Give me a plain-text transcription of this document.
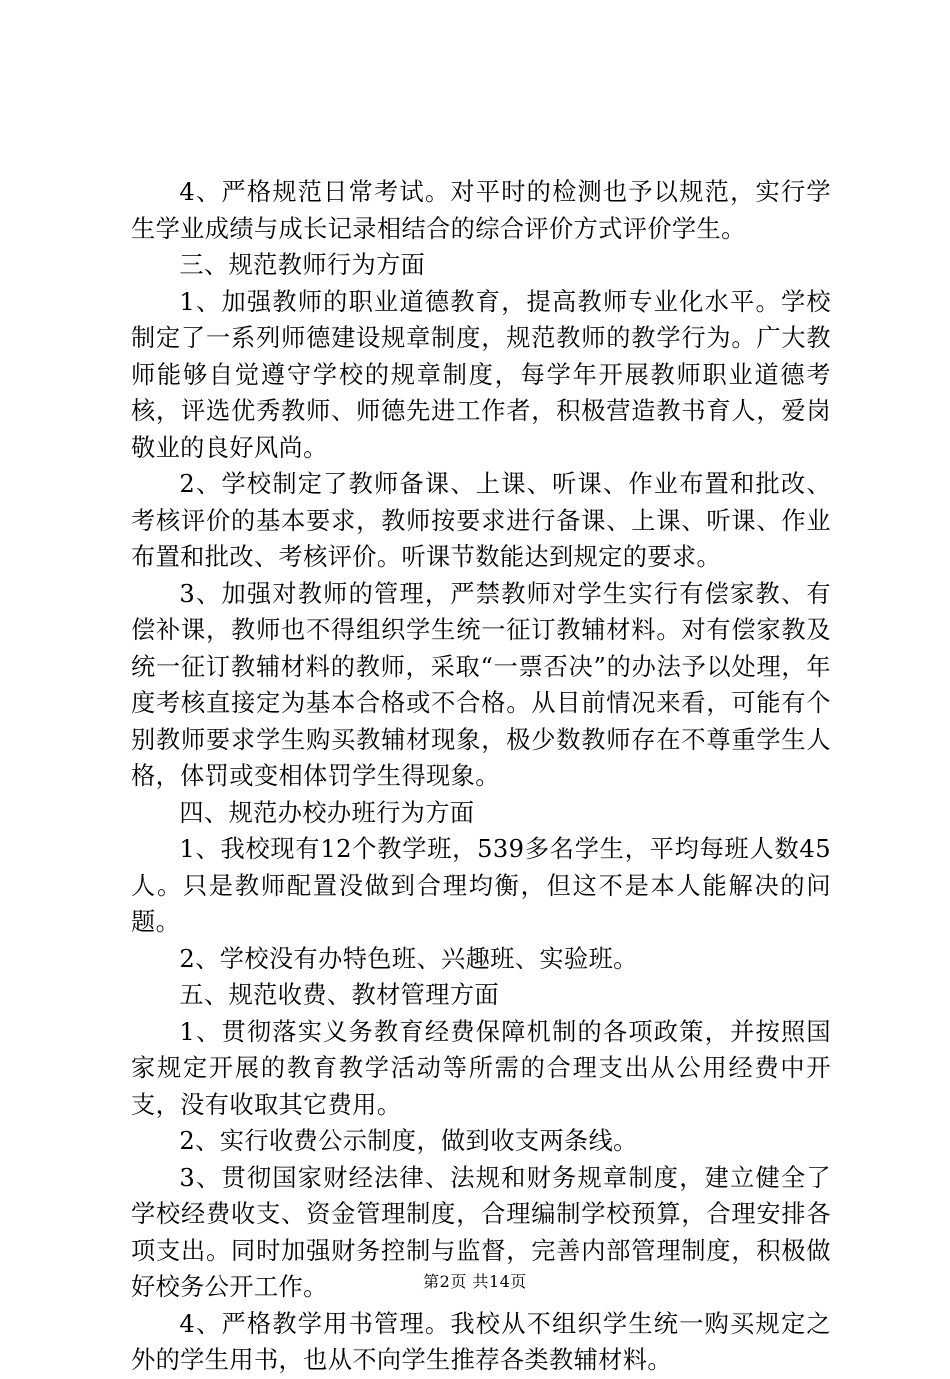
4、严格规范日常考试。对平时的检测也予以规范，实行学生学业成绩与成长记录相结合的综合评价方式评价学生。

三、规范教师行为方面

1、加强教师的职业道德教育，提高教师专业化水平。学校制定了一系列师德建设规章制度，规范教师的教学行为。广大教师能够自觉遵守学校的规章制度，每学年开展教师职业道德考核，评选优秀教师、师德先进工作者，积极营造教书育人，爱岗敬业的良好风尚。

2、学校制定了教师备课、上课、听课、作业布置和批改、考核评价的基本要求，教师按要求进行备课、上课、听课、作业布置和批改、考核评价。听课节数能达到规定的要求。

3、加强对教师的管理，严禁教师对学生实行有偿家教、有偿补课，教师也不得组织学生统一征订教辅材料。对有偿家教及统一征订教辅材料的教师，采取“一票否决”的办法予以处理，年度考核直接定为基本合格或不合格。从目前情况来看，可能有个别教师要求学生购买教辅材现象，极少数教师存在不尊重学生人格，体罚或变相体罚学生得现象。

四、规范办校办班行为方面

1、我校现有12个教学班，539多名学生，平均每班人数45人。只是教师配置没做到合理均衡，但这不是本人能解决的问题。

2、学校没有办特色班、兴趣班、实验班。

五、规范收费、教材管理方面

1、贯彻落实义务教育经费保障机制的各项政策，并按照国家规定开展的教育教学活动等所需的合理支出从公用经费中开支，没有收取其它费用。

2、实行收费公示制度，做到收支两条线。

3、贯彻国家财经法律、法规和财务规章制度，建立健全了学校经费收支、资金管理制度，合理编制学校预算，合理安排各项支出。同时加强财务控制与监督，完善内部管理制度，积极做好校务公开工作。

4、严格教学用书管理。我校从不组织学生统一购买规定之外的学生用书，也从不向学生推荐各类教辅材料。

第2页 共14页
